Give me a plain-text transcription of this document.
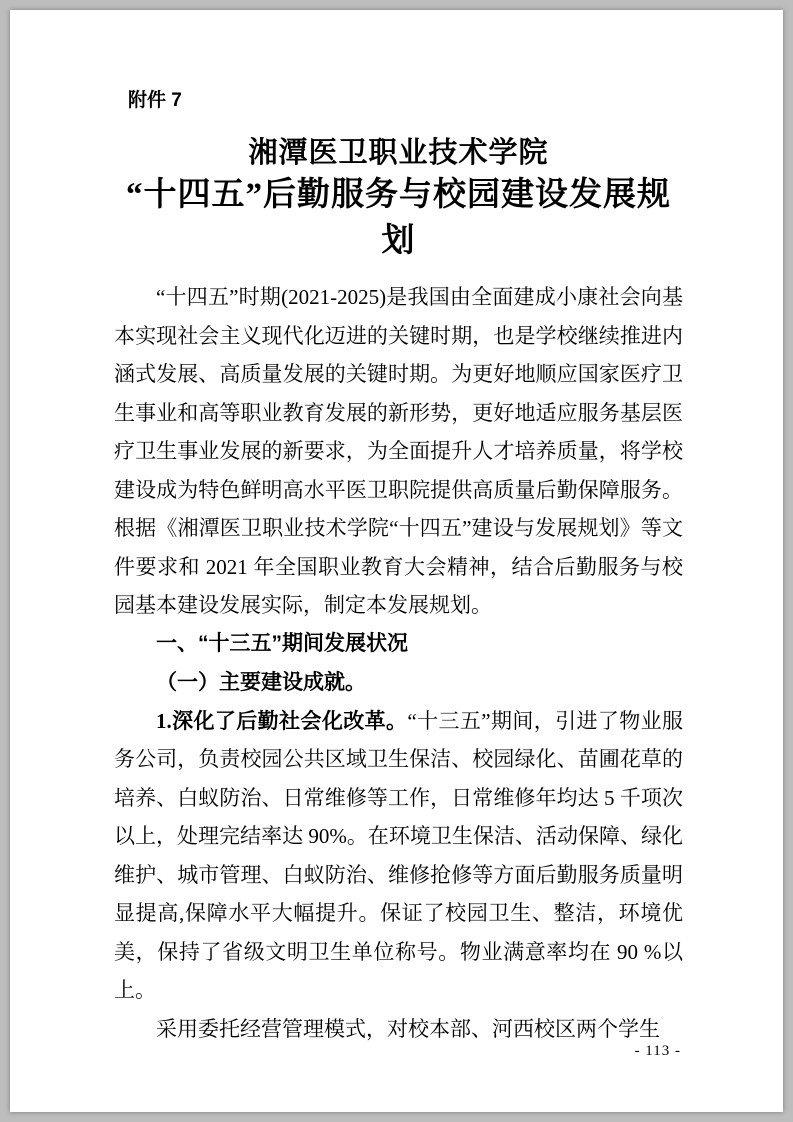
附件 7
湘潭医卫职业技术学院
“十四五”后勤服务与校园建设发展规划

“十四五”时期(2021-2025)是我国由全面建成小康社会向基本实现社会主义现代化迈进的关键时期，也是学校继续推进内涵式发展、高质量发展的关键时期。为更好地顺应国家医疗卫生事业和高等职业教育发展的新形势，更好地适应服务基层医疗卫生事业发展的新要求，为全面提升人才培养质量，将学校建设成为特色鲜明高水平医卫职院提供高质量后勤保障服务。根据《湘潭医卫职业技术学院“十四五”建设与发展规划》等文件要求和 2021 年全国职业教育大会精神，结合后勤服务与校园基本建设发展实际，制定本发展规划。

一、“十三五”期间发展状况

（一）主要建设成就。

1.深化了后勤社会化改革。“十三五”期间，引进了物业服务公司，负责校园公共区域卫生保洁、校园绿化、苗圃花草的培养、白蚁防治、日常维修等工作，日常维修年均达 5 千项次以上，处理完结率达 90%。在环境卫生保洁、活动保障、绿化维护、城市管理、白蚁防治、维修抢修等方面后勤服务质量明显提高,保障水平大幅提升。保证了校园卫生、整洁，环境优美，保持了省级文明卫生单位称号。物业满意率均在 90 %以上。

采用委托经营管理模式，对校本部、河西校区两个学生

- 113 -
